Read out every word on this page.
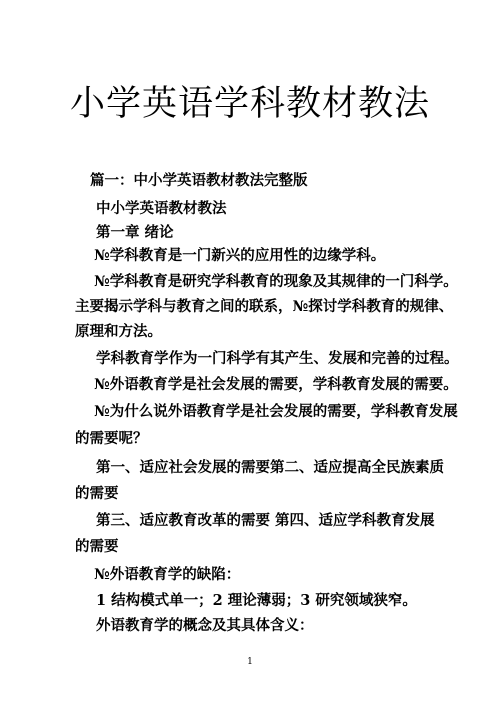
小学英语学科教材教法
篇一：中小学英语教材教法完整版
中小学英语教材教法
第一章 绪论
№学科教育是一门新兴的应用性的边缘学科。
№学科教育是研究学科教育的现象及其规律的一门科学。
主要揭示学科与教育之间的联系，№探讨学科教育的规律、
原理和方法。
学科教育学作为一门科学有其产生、发展和完善的过程。
№外语教育学是社会发展的需要，学科教育发展的需要。
№为什么说外语教育学是社会发展的需要，学科教育发展
的需要呢？
第一、适应社会发展的需要第二、适应提高全民族素质
的需要
第三、适应教育改革的需要 第四、适应学科教育发展
的需要
№外语教育学的缺陷：
1 结构模式单一；2 理论薄弱；3 研究领域狭窄。
外语教育学的概念及其具体含义：
1
